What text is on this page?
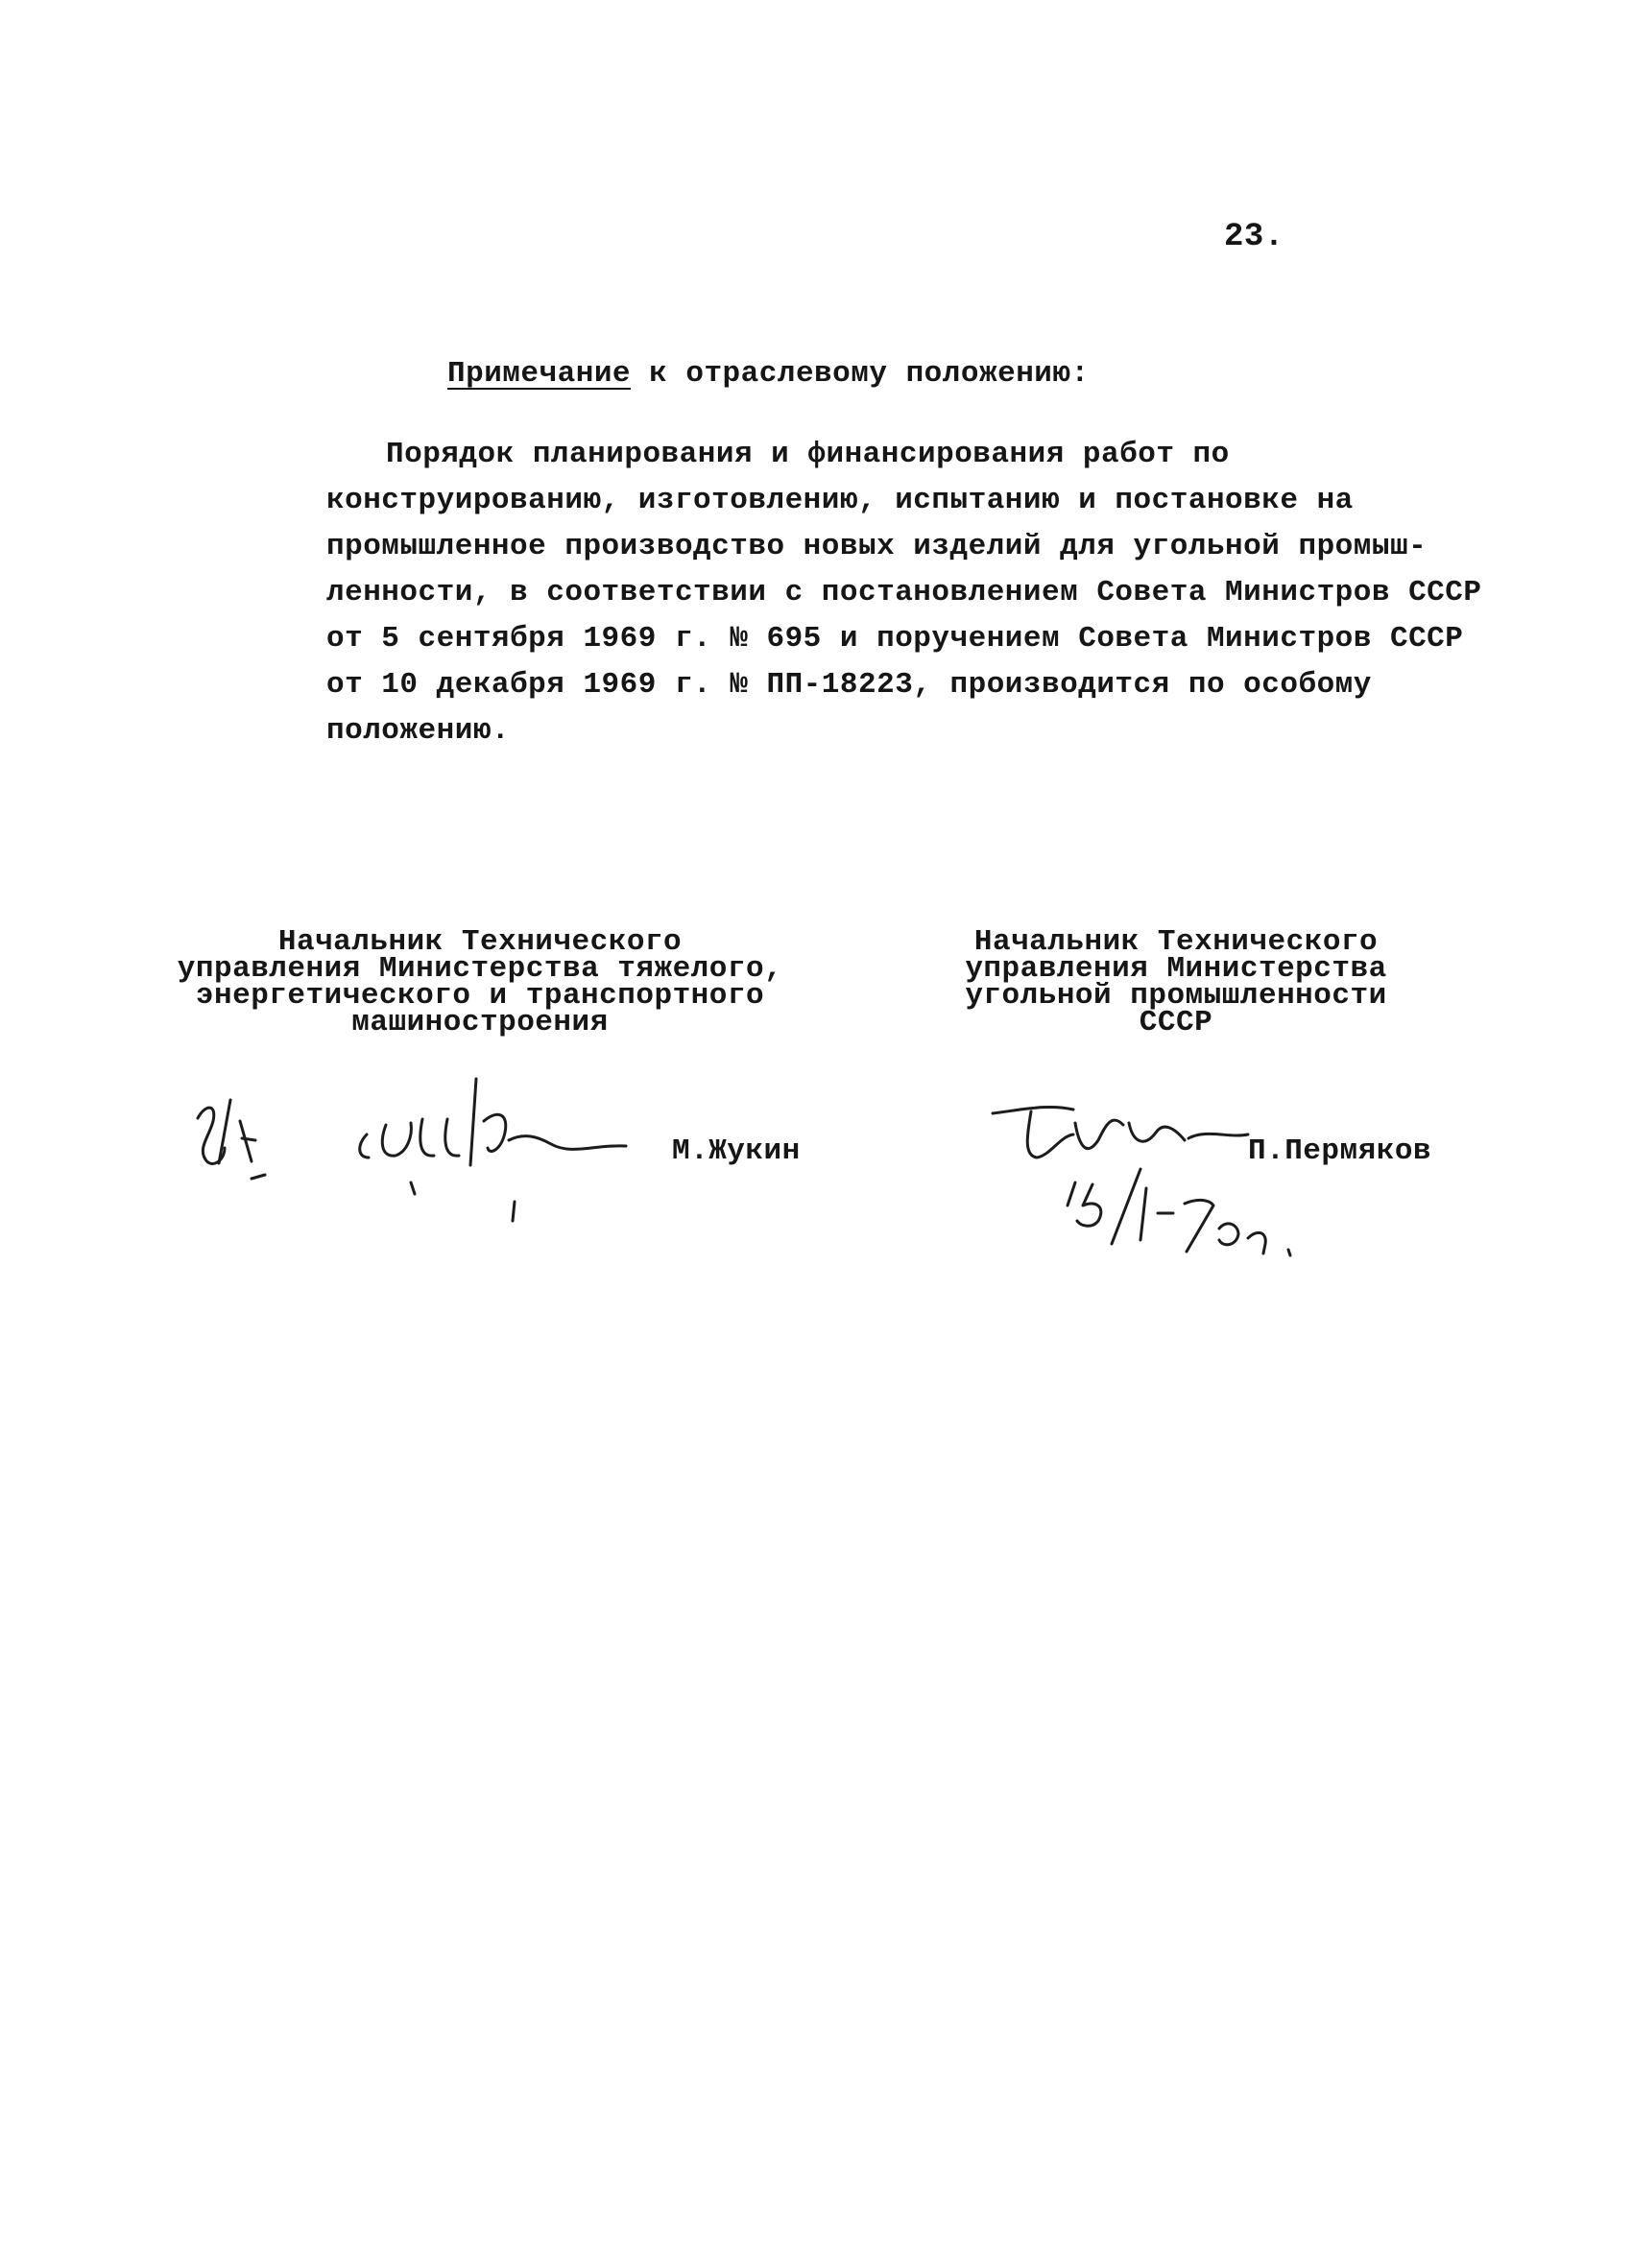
23.
Примечание к отраслевому положению:
Порядок планирования и финансирования работ по
конструированию, изготовлению, испытанию и постановке на
промышленное производство новых изделий для угольной промыш-
ленности, в соответствии с постановлением Совета Министров СССР
от 5 сентября 1969 г. № 695 и поручением Совета Министров СССР
от 10 декабря 1969 г. № ПП-18223, производится по особому
положению.
Начальник Технического
управления Министерства тяжелого,
энергетического и транспортного
машиностроения
Начальник Технического
управления Министерства
угольной промышленности
СССР
М.Жукин	П.Пермяков
